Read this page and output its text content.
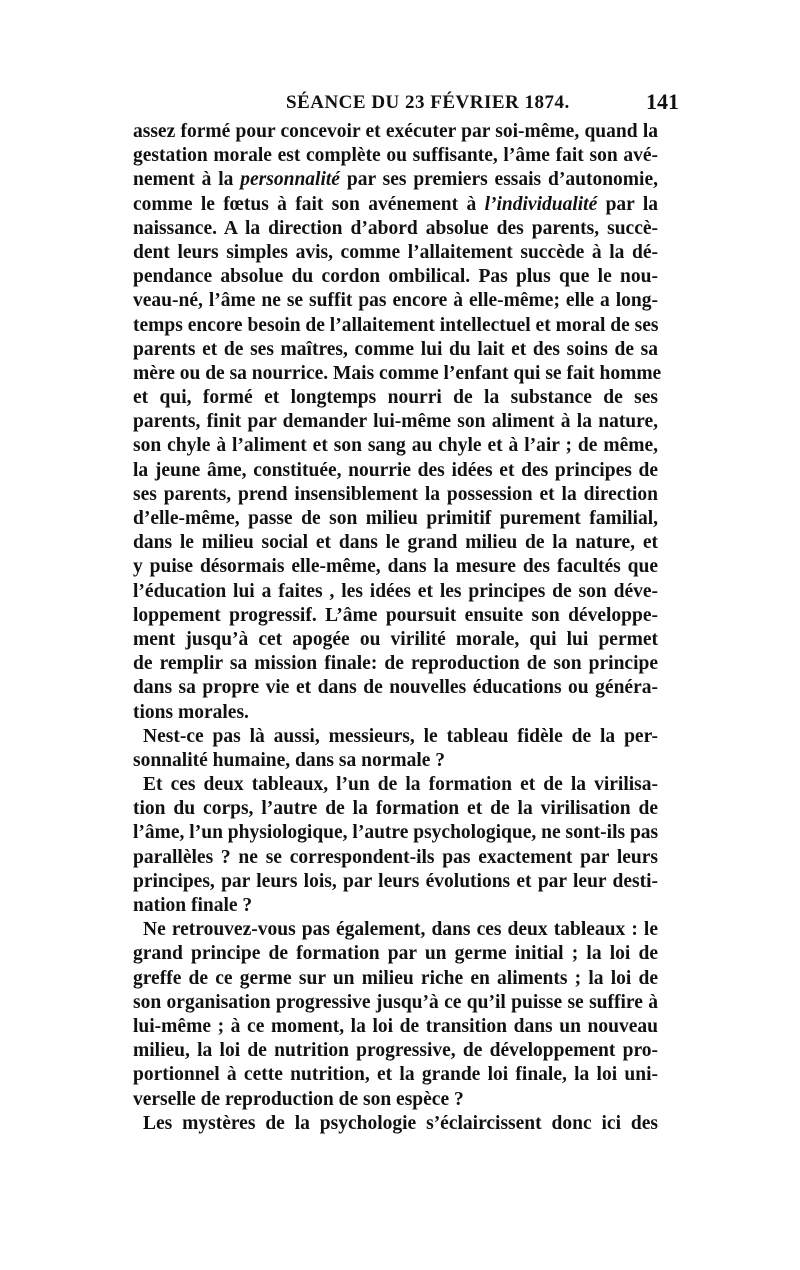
SÉANCE DU 23 FÉVRIER 1874.	141
assez formé pour concevoir et exécuter par soi-même, quand la
gestation morale est complète ou suffisante, l’âme fait son avé-
nement à la personnalité par ses premiers essais d’autonomie,
comme le fœtus à fait son avénement à l’individualité par la
naissance. A la direction d’abord absolue des parents, succè-
dent leurs simples avis, comme l’allaitement succède à la dé-
pendance absolue du cordon ombilical. Pas plus que le nou-
veau-né, l’âme ne se suffit pas encore à elle-même; elle a long-
temps encore besoin de l’allaitement intellectuel et moral de ses
parents et de ses maîtres, comme lui du lait et des soins de sa
mère ou de sa nourrice. Mais comme l’enfant qui se fait homme
et qui, formé et longtemps nourri de la substance de ses
parents, finit par demander lui-même son aliment à la nature,
son chyle à l’aliment et son sang au chyle et à l’air ; de même,
la jeune âme, constituée, nourrie des idées et des principes de
ses parents, prend insensiblement la possession et la direction
d’elle-même, passe de son milieu primitif purement familial,
dans le milieu social et dans le grand milieu de la nature, et
y puise désormais elle-même, dans la mesure des facultés que
l’éducation lui a faites , les idées et les principes de son déve-
loppement progressif. L’âme poursuit ensuite son développe-
ment jusqu’à cet apogée ou virilité morale, qui lui permet
de remplir sa mission finale: de reproduction de son principe
dans sa propre vie et dans de nouvelles éducations ou généra-
tions morales.
Nest-ce pas là aussi, messieurs, le tableau fidèle de la per-
sonnalité humaine, dans sa normale ?
Et ces deux tableaux, l’un de la formation et de la virilisa-
tion du corps, l’autre de la formation et de la virilisation de
l’âme, l’un physiologique, l’autre psychologique, ne sont-ils pas
parallèles ? ne se correspondent-ils pas exactement par leurs
principes, par leurs lois, par leurs évolutions et par leur desti-
nation finale ?
Ne retrouvez-vous pas également, dans ces deux tableaux : le
grand principe de formation par un germe initial ; la loi de
greffe de ce germe sur un milieu riche en aliments ; la loi de
son organisation progressive jusqu’à ce qu’il puisse se suffire à
lui-même ; à ce moment, la loi de transition dans un nouveau
milieu, la loi de nutrition progressive, de développement pro-
portionnel à cette nutrition, et la grande loi finale, la loi uni-
verselle de reproduction de son espèce ?
Les mystères de la psychologie s’éclaircissent donc ici des
